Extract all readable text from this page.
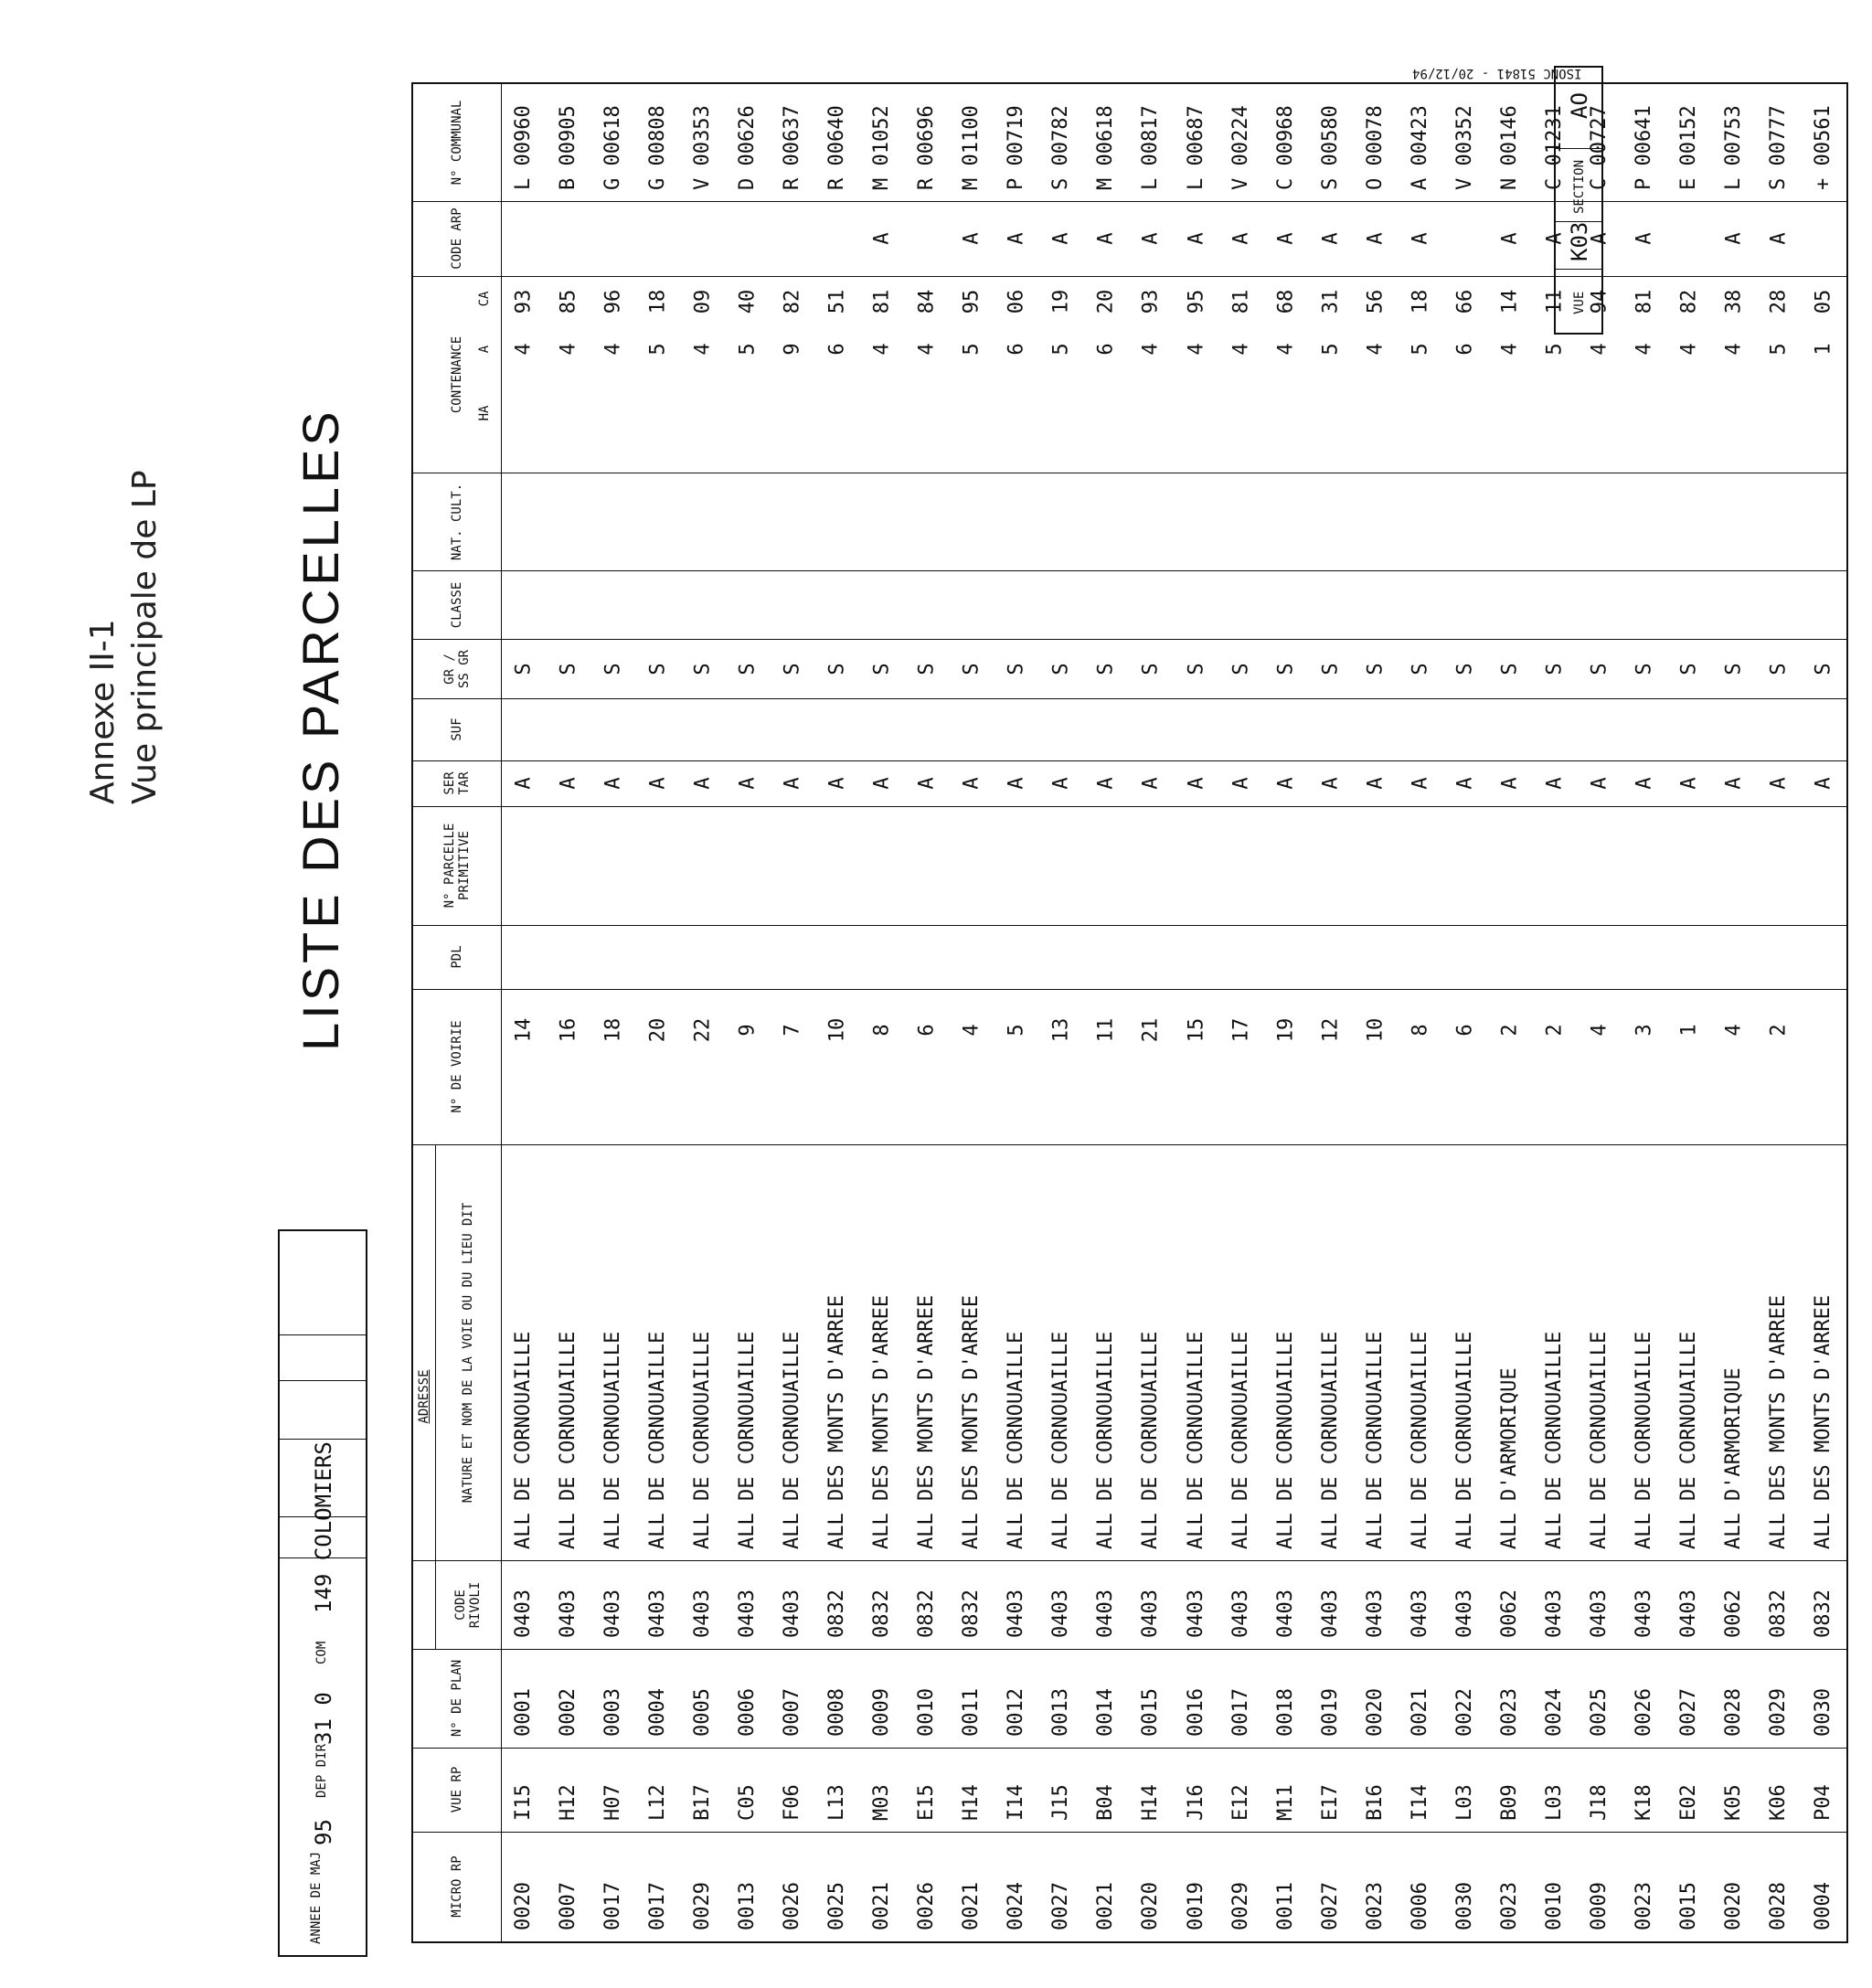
Annexe II-1 Vue principale de LP	LISTE DES PARCELLES
ANNEE DE MAJ
95
DEP DIR
31 0
COM
149 COLOMIERS
VUE
K03
SECTION
AO
ISONC 51841 - 20/12/94
MICRO RP
VUE RP
N° DE PLAN
CODE RIVOLI
NATURE ET NOM DE LA VOIE OU DU LIEU DIT
N° DE VOIRIE
PDL
N° PARCELLE PRIMITIVE
SER TAR
SUF
GR / SS GR
CLASSE
NAT. CULT.
CONTENANCE
CODE ARP
N° COMMUNAL
ADRESSE
HA
A
CA
0020
I15
0001
0403
ALL DE CORNOUAILLE
14
A
S
4
93
L 00960
0007
H12
0002
0403
ALL DE CORNOUAILLE
16
A
S
4
85
B 00905
0017
H07
0003
0403
ALL DE CORNOUAILLE
18
A
S
4
96
G 00618
0017
L12
0004
0403
ALL DE CORNOUAILLE
20
A
S
5
18
G 00808
0029
B17
0005
0403
ALL DE CORNOUAILLE
22
A
S
4
09
V 00353
0013
C05
0006
0403
ALL DE CORNOUAILLE
9
A
S
5
40
D 00626
0026
F06
0007
0403
ALL DE CORNOUAILLE
7
A
S
9
82
R 00637
0025
L13
0008
0832
ALL DES MONTS D'ARREE
10
A
S
6
51
R 00640
0021
M03
0009
0832
ALL DES MONTS D'ARREE
8
A
S
4
81
A
M 01052
0026
E15
0010
0832
ALL DES MONTS D'ARREE
6
A
S
4
84
R 00696
0021
H14
0011
0832
ALL DES MONTS D'ARREE
4
A
S
5
95
A
M 01100
0024
I14
0012
0403
ALL DE CORNOUAILLE
5
A
S
6
06
A
P 00719
0027
J15
0013
0403
ALL DE CORNOUAILLE
13
A
S
5
19
A
S 00782
0021
B04
0014
0403
ALL DE CORNOUAILLE
11
A
S
6
20
A
M 00618
0020
H14
0015
0403
ALL DE CORNOUAILLE
21
A
S
4
93
A
L 00817
0019
J16
0016
0403
ALL DE CORNOUAILLE
15
A
S
4
95
A
L 00687
0029
E12
0017
0403
ALL DE CORNOUAILLE
17
A
S
4
81
A
V 00224
0011
M11
0018
0403
ALL DE CORNOUAILLE
19
A
S
4
68
A
C 00968
0027
E17
0019
0403
ALL DE CORNOUAILLE
12
A
S
5
31
A
S 00580
0023
B16
0020
0403
ALL DE CORNOUAILLE
10
A
S
4
56
A
O 00078
0006
I14
0021
0403
ALL DE CORNOUAILLE
8
A
S
5
18
A
A 00423
0030
L03
0022
0403
ALL DE CORNOUAILLE
6
A
S
6
66
V 00352
0023
B09
0023
0062
ALL D'ARMORIQUE
2
A
S
4
14
A
N 00146
0010
L03
0024
0403
ALL DE CORNOUAILLE
2
A
S
5
11
A
C 01231
0009
J18
0025
0403
ALL DE CORNOUAILLE
4
A
S
4
94
A
C 00727
0023
K18
0026
0403
ALL DE CORNOUAILLE
3
A
S
4
81
A
P 00641
0015
E02
0027
0403
ALL DE CORNOUAILLE
1
A
S
4
82
E 00152
0020
K05
0028
0062
ALL D'ARMORIQUE
4
A
S
4
38
A
L 00753
0028
K06
0029
0832
ALL DES MONTS D'ARREE
2
A
S
5
28
A
S 00777
0004
P04
0030
0832
ALL DES MONTS D'ARREE
A
S
1
05
+ 00561
